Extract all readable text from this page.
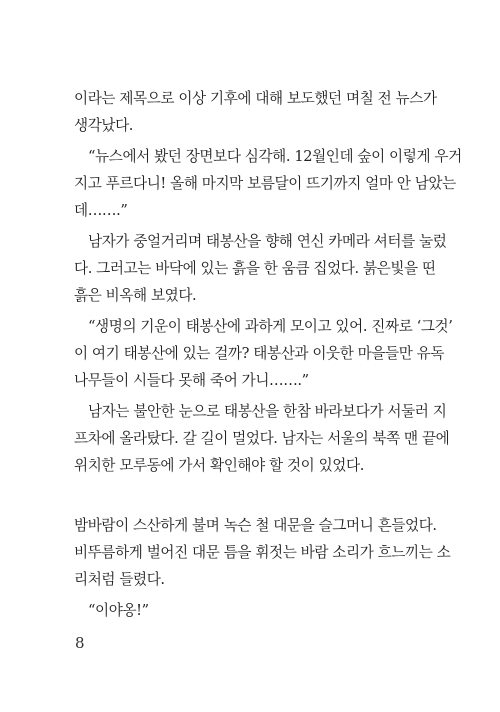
이라는 제목으로 이상 기후에 대해 보도했던 며칠 전 뉴스가
생각났다.
“뉴스에서 봤던 장면보다 심각해. 12월인데 숲이 이렇게 우거
지고 푸르다니! 올해 마지막 보름달이 뜨기까지 얼마 안 남았는
데…….”
남자가 중얼거리며 태봉산을 향해 연신 카메라 셔터를 눌렀
다. 그러고는 바닥에 있는 흙을 한 움큼 집었다. 붉은빛을 띤
흙은 비옥해 보였다.
“생명의 기운이 태봉산에 과하게 모이고 있어. 진짜로 ‘그것’
이 여기 태봉산에 있는 걸까? 태봉산과 이웃한 마을들만 유독
나무들이 시들다 못해 죽어 가니…….”
남자는 불안한 눈으로 태봉산을 한참 바라보다가 서둘러 지
프차에 올라탔다. 갈 길이 멀었다. 남자는 서울의 북쪽 맨 끝에
위치한 모루동에 가서 확인해야 할 것이 있었다.
밤바람이 스산하게 불며 녹슨 철 대문을 슬그머니 흔들었다.
비뚜름하게 벌어진 대문 틈을 휘젓는 바람 소리가 흐느끼는 소
리처럼 들렸다.
“이야옹!”
8
